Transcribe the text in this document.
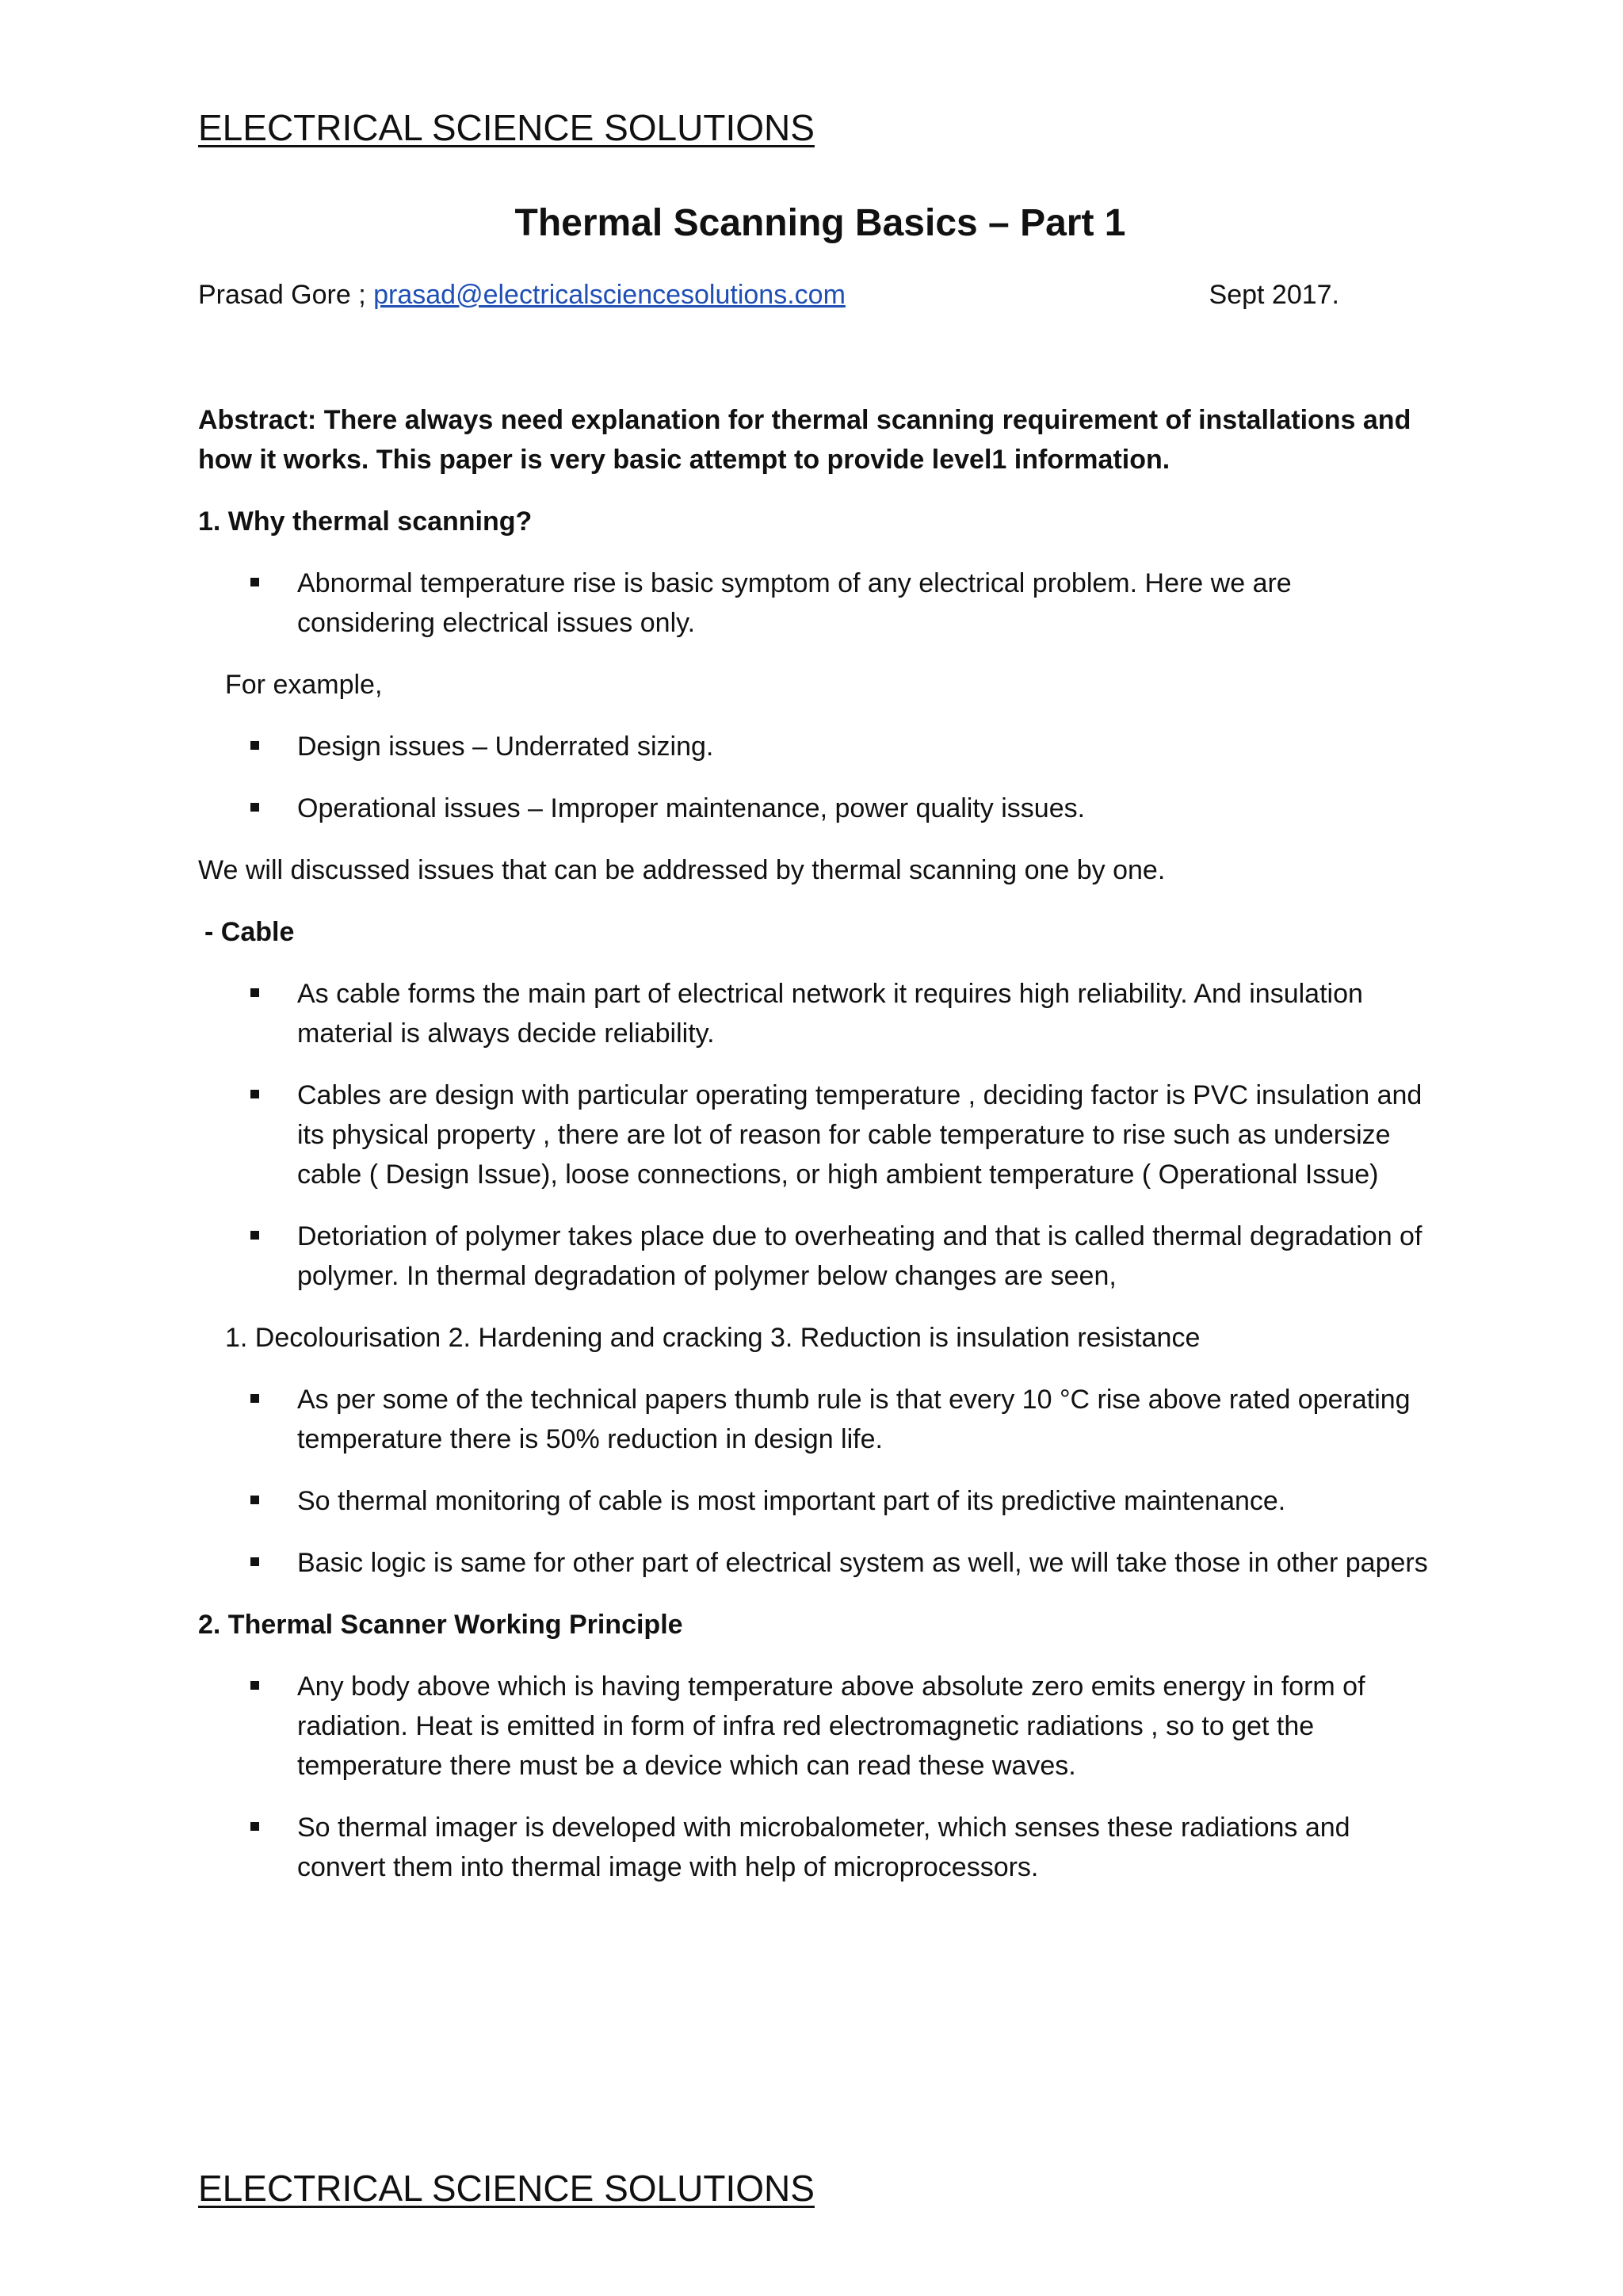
ELECTRICAL SCIENCE SOLUTIONS
Thermal Scanning Basics – Part 1
Prasad Gore ; prasad@electricalsciencesolutions.com	Sept 2017.

Abstract: There always need explanation for thermal scanning requirement of installations and how it works. This paper is very basic attempt to provide level1 information.

1. Why thermal scanning?

Abnormal temperature rise is basic symptom of any electrical problem. Here we are considering electrical issues only.

For example,

Design issues – Underrated sizing.
Operational issues – Improper maintenance, power quality issues.

We will discussed issues that can be addressed by thermal scanning one by one.

- Cable

As cable forms the main part of electrical network it requires high reliability. And insulation material is always decide reliability.
Cables are design with particular operating temperature , deciding factor is PVC insulation and its physical property , there are lot of reason for cable temperature to rise such as undersize cable ( Design Issue), loose connections, or high ambient temperature ( Operational Issue)
Detoriation of polymer takes place due to overheating and that is called thermal degradation of polymer. In thermal degradation of polymer below changes are seen,

1. Decolourisation 2. Hardening and cracking 3. Reduction is insulation resistance

As per some of the technical papers thumb rule is that every 10 °C rise above rated operating temperature there is 50% reduction in design life.
So thermal monitoring of cable is most important part of its predictive maintenance.
Basic logic is same for other part of electrical system as well, we will take those in other papers

2. Thermal Scanner Working Principle

Any body above which is having temperature above absolute zero emits energy in form of radiation. Heat is emitted in form of infra red electromagnetic radiations , so to get the temperature there must be a device which can read these waves.
So thermal imager is developed with microbalometer, which senses these radiations and convert them into thermal image with help of microprocessors.
ELECTRICAL SCIENCE SOLUTIONS
